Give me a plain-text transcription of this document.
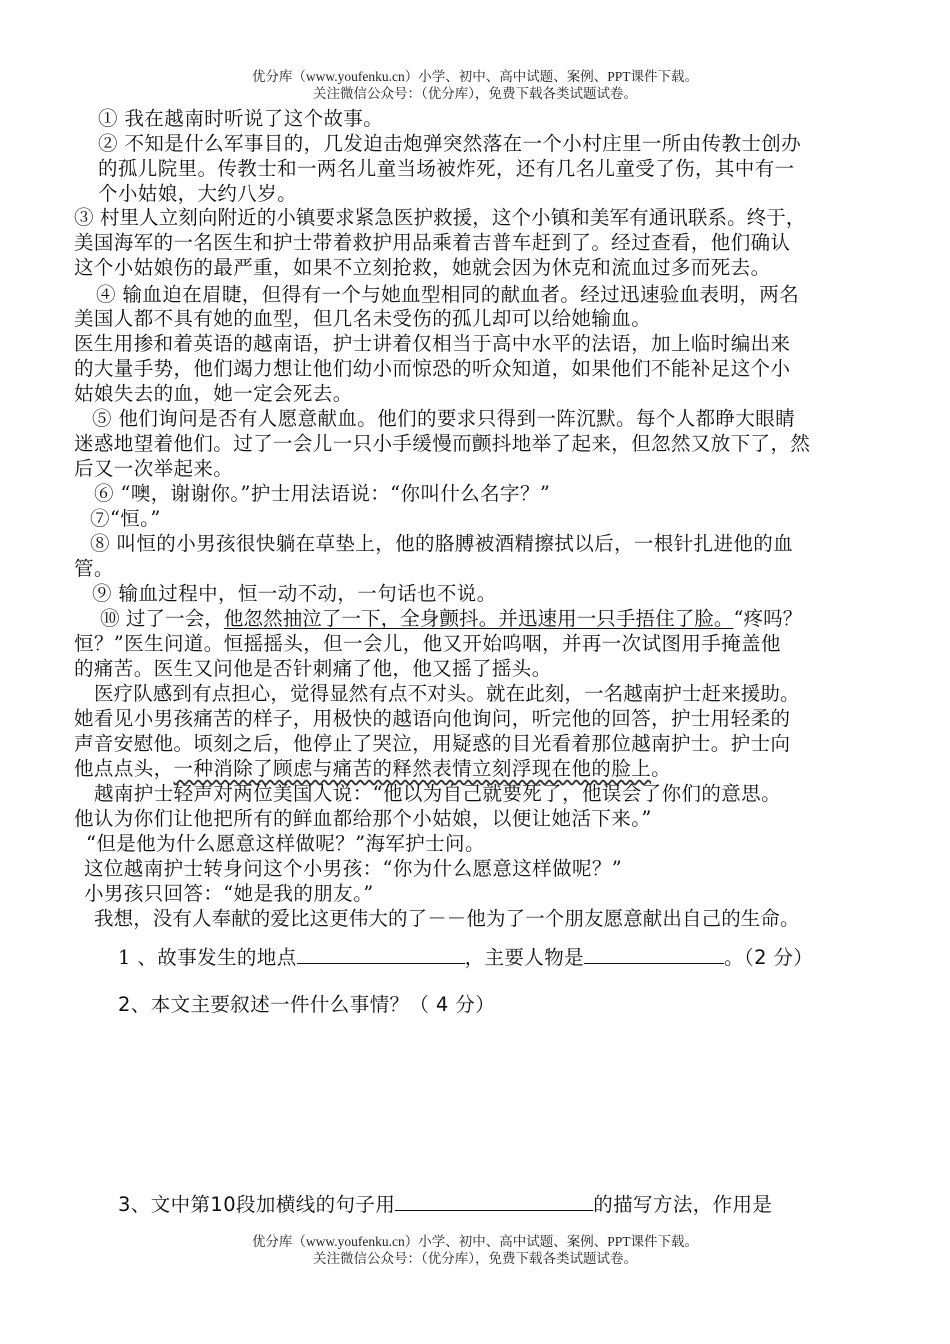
优分库（www.youfenku.cn）小学、初中、高中试题、案例、PPT课件下载。
关注微信公众号：（优分库），免费下载各类试题试卷。
① 我在越南时听说了这个故事。
② 不知是什么军事目的，几发迫击炮弹突然落在一个小村庄里一所由传教士创办
的孤儿院里。传教士和一两名儿童当场被炸死，还有几名儿童受了伤，其中有一
个小姑娘，大约八岁。
③ 村里人立刻向附近的小镇要求紧急医护救援，这个小镇和美军有通讯联系。终于，
美国海军的一名医生和护士带着救护用品乘着吉普车赶到了。经过查看，他们确认
这个小姑娘伤的最严重，如果不立刻抢救，她就会因为休克和流血过多而死去。
④ 输血迫在眉睫，但得有一个与她血型相同的献血者。经过迅速验血表明，两名
美国人都不具有她的血型，但几名未受伤的孤儿却可以给她输血。
医生用掺和着英语的越南语，护士讲着仅相当于高中水平的法语，加上临时编出来
的大量手势，他们竭力想让他们幼小而惊恐的听众知道，如果他们不能补足这个小
姑娘失去的血，她一定会死去。
⑤ 他们询问是否有人愿意献血。他们的要求只得到一阵沉默。每个人都睁大眼睛
迷惑地望着他们。过了一会儿一只小手缓慢而颤抖地举了起来，但忽然又放下了，然
后又一次举起来。
⑥ “噢，谢谢你。”护士用法语说：“你叫什么名字？”
⑦“恒。”
⑧ 叫恒的小男孩很快躺在草垫上，他的胳膊被酒精擦拭以后，一根针扎进他的血
管。
⑨ 输血过程中，恒一动不动，一句话也不说。
⑩ 过了一会，他忽然抽泣了一下，全身颤抖。并迅速用一只手捂住了脸。“疼吗？
恒？”医生问道。恒摇摇头，但一会儿，他又开始呜咽，并再一次试图用手掩盖他
的痛苦。医生又问他是否针刺痛了他，他又摇了摇头。
医疗队感到有点担心，觉得显然有点不对头。就在此刻，一名越南护士赶来援助。
她看见小男孩痛苦的样子，用极快的越语向他询问，听完他的回答，护士用轻柔的
声音安慰他。顷刻之后，他停止了哭泣，用疑惑的目光看着那位越南护士。护士向
他点点头，一种消除了顾虑与痛苦的释然表情立刻浮现在他的脸上。
越南护士轻声对两位美国人说：“他以为自己就要死了，他误会了你们的意思。
他认为你们让他把所有的鲜血都给那个小姑娘，以便让她活下来。”
“但是他为什么愿意这样做呢？”海军护士问。
这位越南护士转身问这个小男孩：“你为什么愿意这样做呢？”
小男孩只回答：“她是我的朋友。”
我想，没有人奉献的爱比这更伟大的了－－他为了一个朋友愿意献出自己的生命。
1 、故事发生的地点	，主要人物是	。（2 分）
2、本文主要叙述一件什么事情？（ 4 分）
3、文中第10段加横线的句子用	的描写方法，作用是
优分库（www.youfenku.cn）小学、初中、高中试题、案例、PPT课件下载。
关注微信公众号：（优分库），免费下载各类试题试卷。
